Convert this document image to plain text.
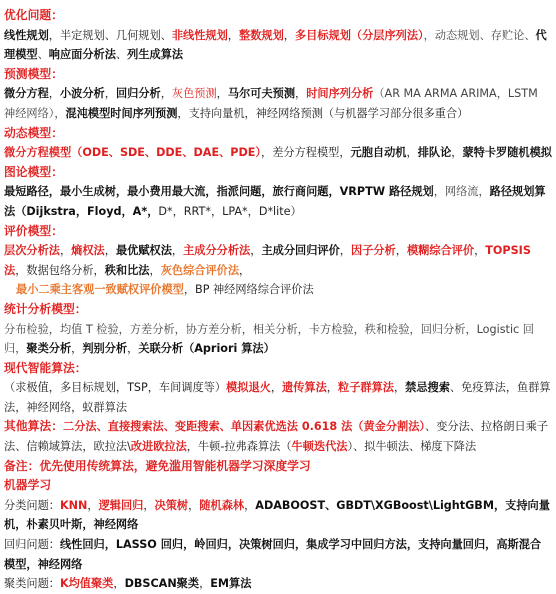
优化问题：
线性规划，半定规划、几何规划、非线性规划，整数规划，多目标规划（分层序列法），动态规划、存贮论、代理模型、响应面分析法、列生成算法
预测模型：
微分方程，小波分析，回归分析，灰色预测，马尔可夫预测，时间序列分析（AR MA ARMA ARIMA，LSTM 神经网络），混沌模型时间序列预测，支持向量机，神经网络预测（与机器学习部分很多重合）
动态模型：
微分方程模型（ODE、SDE、DDE、DAE、PDE），差分方程模型，元胞自动机，排队论，蒙特卡罗随机模拟
图论模型：
最短路径，最小生成树，最小费用最大流，指派问题，旅行商问题，VRPTW 路径规划，网络流，路径规划算法（Dijkstra，Floyd，A*，D*，RRT*，LPA*，D*lite）
评价模型：
层次分析法，熵权法，最优赋权法，主成分分析法，主成分回归评价，因子分析，模糊综合评价，TOPSIS 法，数据包络分析，秩和比法，灰色综合评价法，
最小二乘主客观一致赋权评价模型，BP 神经网络综合评价法
统计分析模型：
分布检验，均值 T 检验，方差分析，协方差分析，相关分析，卡方检验，秩和检验，回归分析，Logistic 回归，聚类分析，判别分析，关联分析（Apriori 算法）
现代智能算法：
（求极值，多目标规划，TSP，车间调度等）模拟退火，遗传算法，粒子群算法，禁忌搜索、免疫算法，鱼群算法，神经网络，蚁群算法
其他算法：二分法、直接搜索法、变距搜索、单因素优选法 0.618 法（黄金分割法）、变分法、拉格朗日乘子法、信赖域算法，欧拉法\改进欧拉法，牛顿-拉弗森算法（牛顿迭代法）、拟牛顿法、梯度下降法
备注：优先使用传统算法，避免滥用智能机器学习深度学习
机器学习
分类问题：KNN，逻辑回归，决策树，随机森林，ADABOOST、GBDT\XGBoost\LightGBM，支持向量机，朴素贝叶斯，神经网络
回归问题：线性回归，LASSO 回归，岭回归，决策树回归，集成学习中回归方法，支持向量回归，高斯混合模型，神经网络
聚类问题：K均值聚类，DBSCAN聚类，EM算法
